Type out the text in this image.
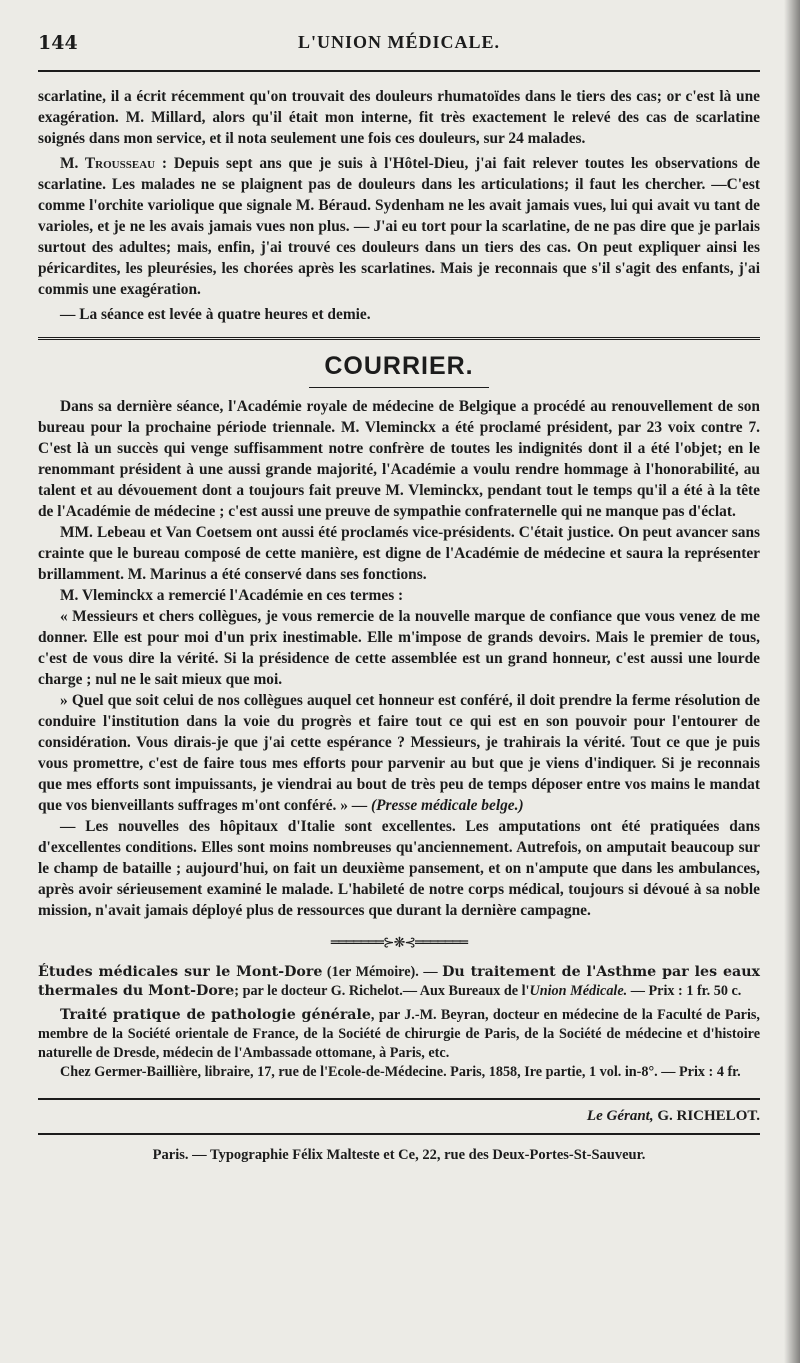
144	L'UNION MÉDICALE.

scarlatine, il a écrit récemment qu'on trouvait des douleurs rhumatoïdes dans le tiers des cas; or c'est là une exagération. M. Millard, alors qu'il était mon interne, fit très exactement le relevé des cas de scarlatine soignés dans mon service, et il nota seulement une fois ces douleurs, sur 24 malades.

M. Trousseau : Depuis sept ans que je suis à l'Hôtel-Dieu, j'ai fait relever toutes les observations de scarlatine. Les malades ne se plaignent pas de douleurs dans les articulations; il faut les chercher. —C'est comme l'orchite variolique que signale M. Béraud. Sydenham ne les avait jamais vues, lui qui avait vu tant de varioles, et je ne les avais jamais vues non plus. — J'ai eu tort pour la scarlatine, de ne pas dire que je parlais surtout des adultes; mais, enfin, j'ai trouvé ces douleurs dans un tiers des cas. On peut expliquer ainsi les péricardites, les pleurésies, les chorées après les scarlatines. Mais je reconnais que s'il s'agit des enfants, j'ai commis une exagération.

— La séance est levée à quatre heures et demie.

COURRIER.

Dans sa dernière séance, l'Académie royale de médecine de Belgique a procédé au renouvellement de son bureau pour la prochaine période triennale. M. Vleminckx a été proclamé président, par 23 voix contre 7. C'est là un succès qui venge suffisamment notre confrère de toutes les indignités dont il a été l'objet; en le renommant président à une aussi grande majorité, l'Académie a voulu rendre hommage à l'honorabilité, au talent et au dévouement dont a toujours fait preuve M. Vleminckx, pendant tout le temps qu'il a été à la tête de l'Académie de médecine ; c'est aussi une preuve de sympathie confraternelle qui ne manque pas d'éclat.

MM. Lebeau et Van Coetsem ont aussi été proclamés vice-présidents. C'était justice. On peut avancer sans crainte que le bureau composé de cette manière, est digne de l'Académie de médecine et saura la représenter brillamment. M. Marinus a été conservé dans ses fonctions.

M. Vleminckx a remercié l'Académie en ces termes :

« Messieurs et chers collègues, je vous remercie de la nouvelle marque de confiance que vous venez de me donner. Elle est pour moi d'un prix inestimable. Elle m'impose de grands devoirs. Mais le premier de tous, c'est de vous dire la vérité. Si la présidence de cette assemblée est un grand honneur, c'est aussi une lourde charge ; nul ne le sait mieux que moi.

» Quel que soit celui de nos collègues auquel cet honneur est conféré, il doit prendre la ferme résolution de conduire l'institution dans la voie du progrès et faire tout ce qui est en son pouvoir pour l'entourer de considération. Vous dirais-je que j'ai cette espérance ? Messieurs, je trahirais la vérité. Tout ce que je puis vous promettre, c'est de faire tous mes efforts pour parvenir au but que je viens d'indiquer. Si je reconnais que mes efforts sont impuissants, je viendrai au bout de très peu de temps déposer entre vos mains le mandat que vos bienveillants suffrages m'ont conféré. » — (Presse médicale belge.)

— Les nouvelles des hôpitaux d'Italie sont excellentes. Les amputations ont été pratiquées dans d'excellentes conditions. Elles sont moins nombreuses qu'anciennement. Autrefois, on amputait beaucoup sur le champ de bataille ; aujourd'hui, on fait un deuxième pansement, et on n'ampute que dans les ambulances, après avoir sérieusement examiné le malade. L'habileté de notre corps médical, toujours si dévoué à sa noble mission, n'avait jamais déployé plus de ressources que durant la dernière campagne.

═══════⊱❋⊰═══════

Études médicales sur le Mont-Dore (1er Mémoire). — Du traitement de l'Asthme par les eaux thermales du Mont-Dore; par le docteur G. Richelot.— Aux Bureaux de l'Union Médicale. — Prix : 1 fr. 50 c.

Traité pratique de pathologie générale, par J.-M. Beyran, docteur en médecine de la Faculté de Paris, membre de la Société orientale de France, de la Société de chirurgie de Paris, de la Société de médecine et d'histoire naturelle de Dresde, médecin de l'Ambassade ottomane, à Paris, etc.

Chez Germer-Baillière, libraire, 17, rue de l'Ecole-de-Médecine. Paris, 1858, Ire partie, 1 vol. in-8°. — Prix : 4 fr.

Le Gérant, G. RICHELOT.
Paris. — Typographie Félix Malteste et Ce, 22, rue des Deux-Portes-St-Sauveur.
